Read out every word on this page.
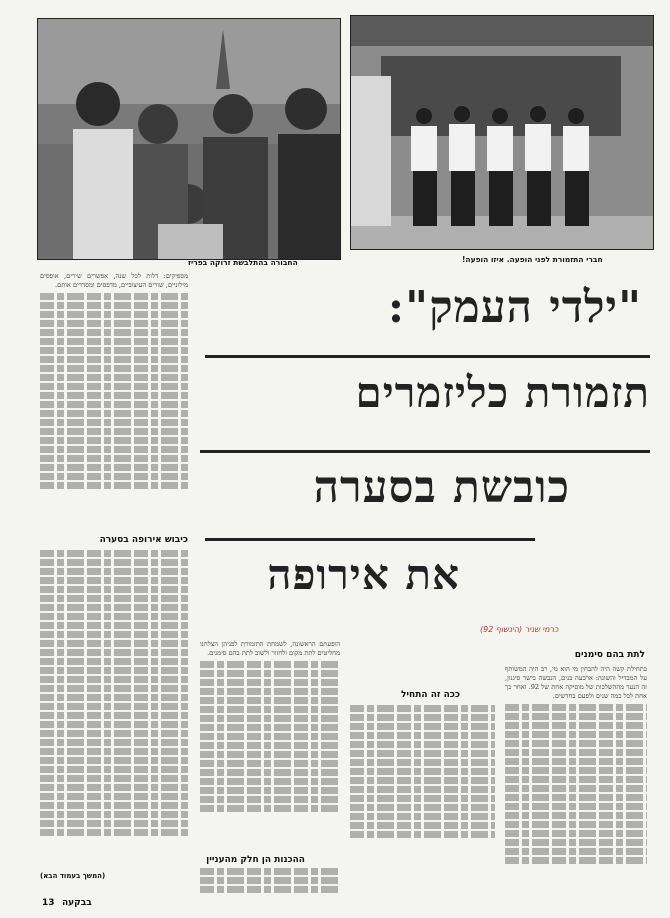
החבורה בהתלבשת זרוקה בפריז	חברי התזמורת לפני הופעה. איזו הופעה!
"ילדי העמק":
תזמורת כליזמרים
כובשת בסערה
את אירופה
כרמי שניר (הינשוף 92)

מספיקים: דלות לכל שנה, אפשרים שירים, אופסים מילוניים, שורים העיצוביים, מדפסים ומסדרים אותם.

כיבוש אירופה בסערה

הופעתם הראשונה, לשמחת התזמורת לפניהן הצלחנו מחליטים לתת מקום ולחזור ולשוב לתת בהם סימנים.

ככה זה התחיל
ההכנות הן חלק מהעניין
לתת בהם סימנים

בתחילת קשה היה להבחין מי הוא מי, רב היה המשותף על המבדיל והשונה: ארבעה בנים, הנבשה בישר סיגנון, זה הנער מההשלכות של מוסיקה אחת של 92. ואחר כך אחת לכל כמה שנים ולפעם בחדשים.

(המשך בעמוד הבא)
13 בבקעה
